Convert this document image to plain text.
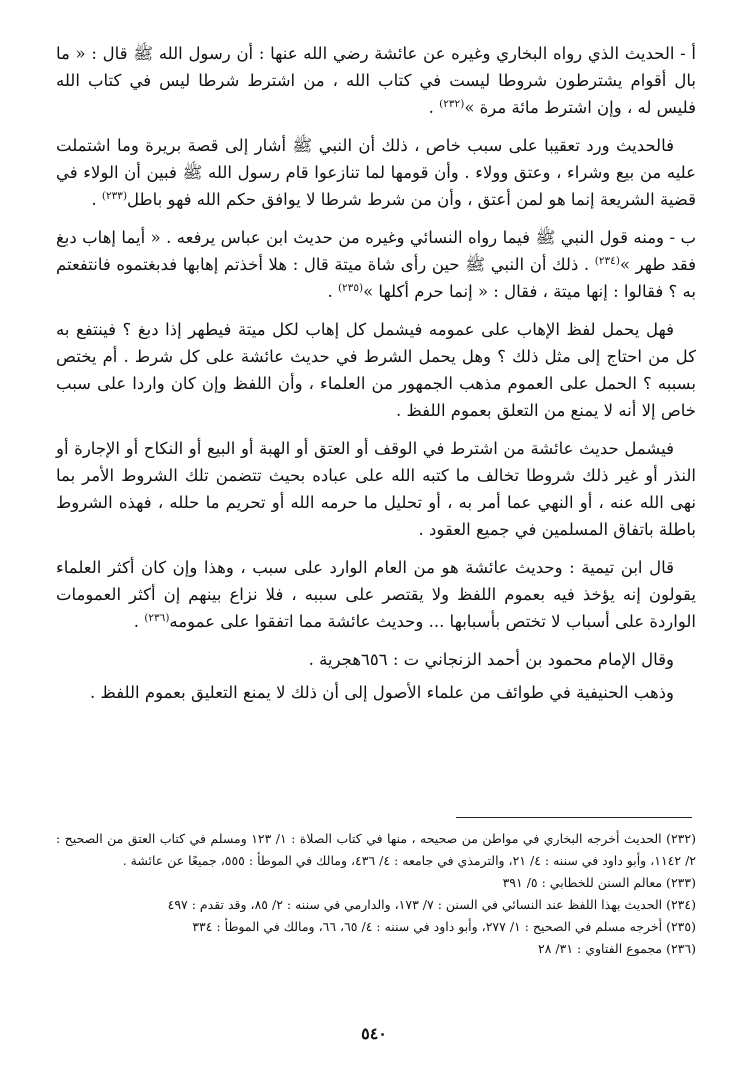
أ - الحديث الذي رواه البخاري وغيره عن عائشة رضي الله عنها : أن رسول الله ﷺ قال : « ما بال أقوام يشترطون شروطا ليست في كتاب الله ، من اشترط شرطا ليس في كتاب الله فليس له ، وإن اشترط مائة مرة »$^{(٢٣٢)}$ .

فالحديث ورد تعقيبا على سبب خاص ، ذلك أن النبي ﷺ أشار إلى قصة بريرة وما اشتملت عليه من بيع وشراء ، وعتق وولاء . وأن قومها لما تنازعوا قام رسول الله ﷺ فبين أن الولاء في قضية الشريعة إنما هو لمن أعتق ، وأن من شرط شرطا لا يوافق حكم الله فهو باطل$^{(٢٣٣)}$ .

ب - ومنه قول النبي ﷺ فيما رواه النسائي وغيره من حديث ابن عباس يرفعه . « أيما إهاب دبغ فقد طهر »$^{(٢٣٤)}$ . ذلك أن النبي ﷺ حين رأى شاة ميتة قال : هلا أخذتم إهابها فدبغتموه فانتفعتم به ؟ فقالوا : إنها ميتة ، فقال : « إنما حرم أكلها »$^{(٢٣٥)}$ .

فهل يحمل لفظ الإهاب على عمومه فيشمل كل إهاب لكل ميتة فيطهر إذا دبغ ؟ فينتفع به كل من احتاج إلى مثل ذلك ؟ وهل يحمل الشرط في حديث عائشة على كل شرط . أم يختص بسببه ؟ الحمل على العموم مذهب الجمهور من العلماء ، وأن اللفظ وإن كان واردا على سبب خاص إلا أنه لا يمنع من التعلق بعموم اللفظ .

فيشمل حديث عائشة من اشترط في الوقف أو العتق أو الهبة أو البيع أو النكاح أو الإجارة أو النذر أو غير ذلك شروطا تخالف ما كتبه الله على عباده بحيث تتضمن تلك الشروط الأمر بما نهى الله عنه ، أو النهي عما أمر به ، أو تحليل ما حرمه الله أو تحريم ما حلله ، فهذه الشروط باطلة باتفاق المسلمين في جميع العقود .

قال ابن تيمية : وحديث عائشة هو من العام الوارد على سبب ، وهذا وإن كان أكثر العلماء يقولون إنه يؤخذ فيه بعموم اللفظ ولا يقتصر على سببه ، فلا نزاع بينهم إن أكثر العمومات الواردة على أسباب لا تختص بأسبابها ... وحديث عائشة مما اتفقوا على عمومه$^{(٢٣٦)}$ .

وقال الإمام محمود بن أحمد الزنجاني ت : ٦٥٦هجرية .

وذهب الحنيفية في طوائف من علماء الأصول إلى أن ذلك لا يمنع التعليق بعموم اللفظ .

(٢٣٢) الحديث أخرجه البخاري في مواطن من صحيحه ، منها في كتاب الصلاة : ١/ ١٢٣ ومسلم في كتاب العتق من الصحيح : ٢/ ١١٤٢، وأبو داود في سننه : ٤/ ٢١، والترمذي في جامعه : ٤/ ٤٣٦، ومالك في الموطأ : ٥٥٥، جميعًا عن عائشة .

(٢٣٣) معالم السنن للخطابي : ٥/ ٣٩١

(٢٣٤) الحديث بهذا اللفظ عند النسائي في السنن : ٧/ ١٧٣، والدارمي في سننه : ٢/ ٨٥، وقد تقدم : ٤٩٧

(٢٣٥) أخرجه مسلم في الصحيح : ١/ ٢٧٧، وأبو داود في سننه : ٤/ ٦٥، ٦٦، ومالك في الموطأ : ٣٣٤

(٢٣٦) مجموع الفتاوي : ٣١/ ٢٨

٥٤٠
